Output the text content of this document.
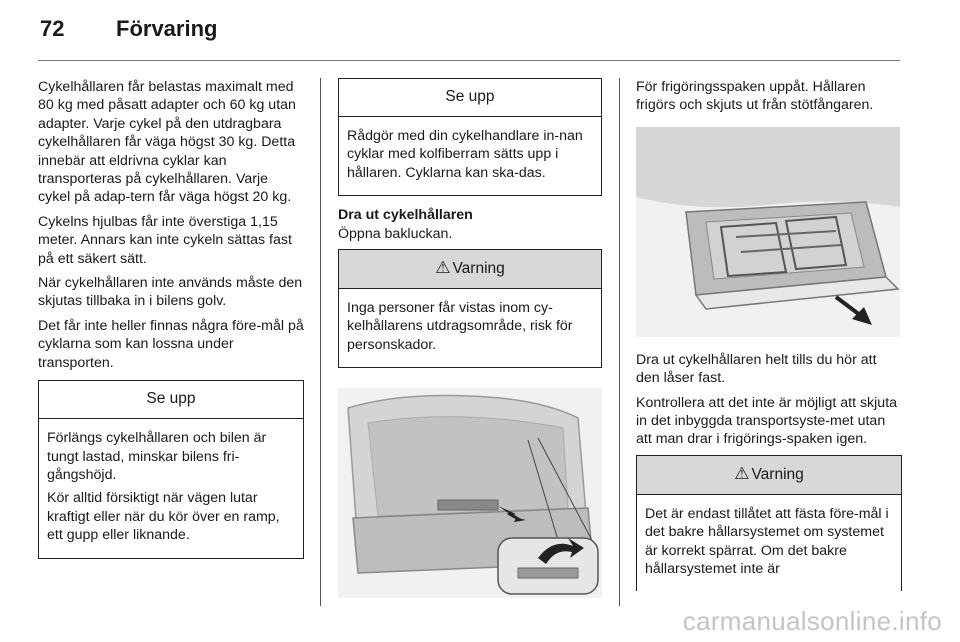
72 Förvaring

Cykelhållaren får belastas maximalt med 80 kg med påsatt adapter och 60 kg utan adapter. Varje cykel på den utdragbara cykelhållaren får väga högst 30 kg. Detta innebär att eldrivna cyklar kan transporteras på cykelhållaren. Varje cykel på adap-tern får väga högst 20 kg.

Cykelns hjulbas får inte överstiga 1,15 meter. Annars kan inte cykeln sättas fast på ett säkert sätt.

När cykelhållaren inte används måste den skjutas tillbaka in i bilens golv.

Det får inte heller finnas några före-mål på cyklarna som kan lossna under transporten.

Se upp

Förlängs cykelhållaren och bilen är tungt lastad, minskar bilens fri-gångshöjd.

Kör alltid försiktigt när vägen lutar kraftigt eller när du kör över en ramp, ett gupp eller liknande.

Se upp

Rådgör med din cykelhandlare in-nan cyklar med kolfiberram sätts upp i hållaren. Cyklarna kan ska-das.

Dra ut cykelhållaren

Öppna bakluckan.

⚠ Varning

Inga personer får vistas inom cy-kelhållarens utdragsområde, risk för personskador.

För frigöringsspaken uppåt. Hållaren frigörs och skjuts ut från stötfångaren.

Dra ut cykelhållaren helt tills du hör att den låser fast.

Kontrollera att det inte är möjligt att skjuta in det inbyggda transportsyste-met utan att man drar i frigörings-spaken igen.

⚠ Varning

Det är endast tillåtet att fästa före-mål i det bakre hållarsystemet om systemet är korrekt spärrat. Om det bakre hållarsystemet inte är

carmanualsonline.info
